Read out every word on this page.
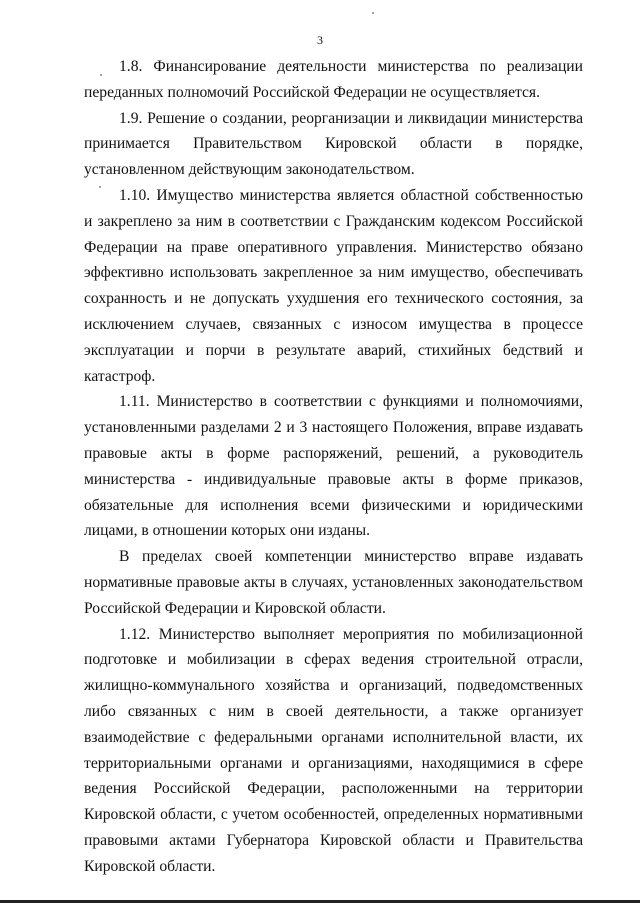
3

1.8. Финансирование деятельности министерства по реализации переданных полномочий Российской Федерации не осуществляется.

1.9. Решение о создании, реорганизации и ликвидации министерства принимается Правительством Кировской области в порядке, установленном действующим законодательством.

1.10. Имущество министерства является областной собственностью и закреплено за ним в соответствии с Гражданским кодексом Российской Федерации на праве оперативного управления. Министерство обязано эффективно использовать закрепленное за ним имущество, обеспечивать сохранность и не допускать ухудшения его технического состояния, за исключением случаев, связанных с износом имущества в процессе эксплуатации и порчи в результате аварий, стихийных бедствий и катастроф.

1.11. Министерство в соответствии с функциями и полномочиями, установленными разделами 2 и 3 настоящего Положения, вправе издавать правовые акты в форме распоряжений, решений, а руководитель министерства - индивидуальные правовые акты в форме приказов, обязательные для исполнения всеми физическими и юридическими лицами, в отношении которых они изданы.

В пределах своей компетенции министерство вправе издавать нормативные правовые акты в случаях, установленных законодательством Российской Федерации и Кировской области.

1.12. Министерство выполняет мероприятия по мобилизационной подготовке и мобилизации в сферах ведения строительной отрасли, жилищно-коммунального хозяйства и организаций, подведомственных либо связанных с ним в своей деятельности, а также организует взаимодействие с федеральными органами исполнительной власти, их территориальными органами и организациями, находящимися в сфере ведения Российской Федерации, расположенными на территории Кировской области, с учетом особенностей, определенных нормативными правовыми актами Губернатора Кировской области и Правительства Кировской области.
